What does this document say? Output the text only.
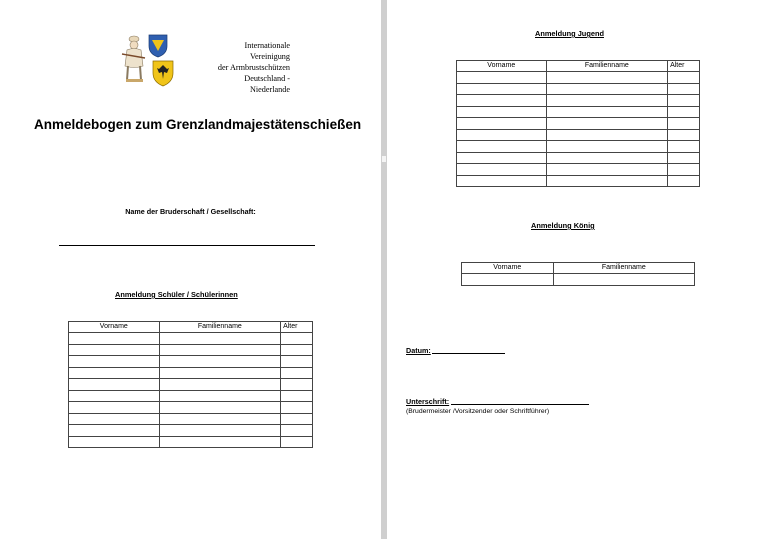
Internationale
Vereinigung
der Armbrustschützen
Deutschland -
Niederlande
Anmeldebogen zum Grenzlandmajestätenschießen
Name der Bruderschaft / Gesellschaft:
Anmeldung Schüler / Schülerinnen
Vorname	Familienname	Alter

Anmeldung Jugend
Vorname	Familienname	Alter

Anmeldung König
Vorname	Familienname

Datum:
Unterschrift:
(Brudermeister /Vorsitzender oder Schriftführer)
